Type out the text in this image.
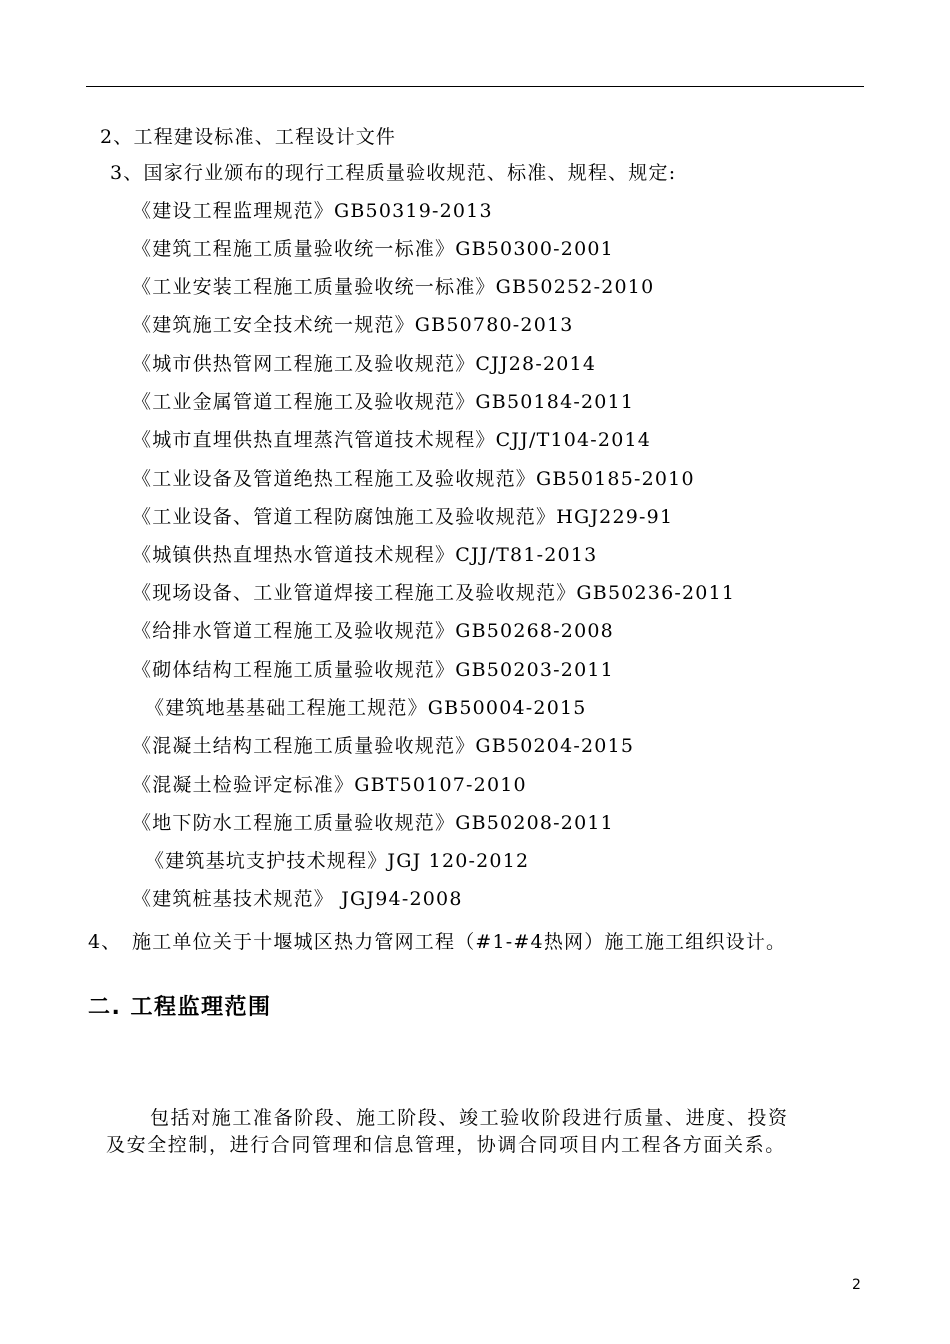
2、工程建设标准、工程设计文件
3、国家行业颁布的现行工程质量验收规范、标准、规程、规定:
《建设工程监理规范》GB50319-2013
《建筑工程施工质量验收统一标准》GB50300-2001
《工业安装工程施工质量验收统一标准》GB50252-2010
《建筑施工安全技术统一规范》GB50780-2013
《城市供热管网工程施工及验收规范》CJJ28-2014
《工业金属管道工程施工及验收规范》GB50184-2011
《城市直埋供热直埋蒸汽管道技术规程》CJJ/T104-2014
《工业设备及管道绝热工程施工及验收规范》GB50185-2010
《工业设备、管道工程防腐蚀施工及验收规范》HGJ229-91
《城镇供热直埋热水管道技术规程》CJJ/T81-2013
《现场设备、工业管道焊接工程施工及验收规范》GB50236-2011
《给排水管道工程施工及验收规范》GB50268-2008
《砌体结构工程施工质量验收规范》GB50203-2011
《建筑地基基础工程施工规范》GB50004-2015
《混凝土结构工程施工质量验收规范》GB50204-2015
《混凝土检验评定标准》GBT50107-2010
《地下防水工程施工质量验收规范》GB50208-2011
《建筑基坑支护技术规程》JGJ 120-2012
《建筑桩基技术规范》 JGJ94-2008
4、 施工单位关于十堰城区热力管网工程（#1-#4热网）施工施工组织设计。
二. 工程监理范围
包括对施工准备阶段、施工阶段、竣工验收阶段进行质量、进度、投资
及安全控制，进行合同管理和信息管理，协调合同项目内工程各方面关系。
2
